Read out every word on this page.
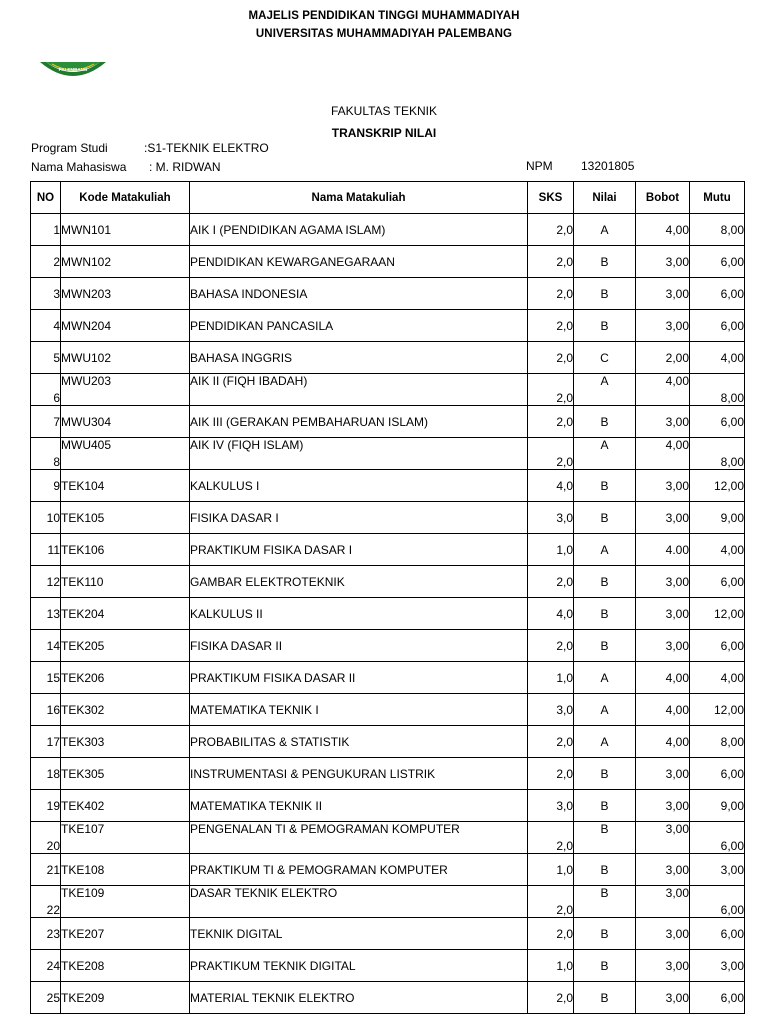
MAJELIS PENDIDIKAN TINGGI MUHAMMADIYAH
UNIVERSITAS MUHAMMADIYAH PALEMBANG
PALEMBANG
FAKULTAS TEKNIK
TRANSKRIP NILAI
Program Studi	:S1-TEKNIK ELEKTRO
Nama Mahasiswa : M. RIDWAN	NPM 13201805
NO	Kode Matakuliah	Nama Matakuliah	SKS	Nilai	Bobot	Mutu
1	MWN101	AIK I (PENDIDIKAN AGAMA ISLAM)	2,0	A	4,00	8,00
2	MWN102	PENDIDIKAN KEWARGANEGARAAN	2,0	B	3,00	6,00
3	MWN203	BAHASA INDONESIA	2,0	B	3,00	6,00
4	MWN204	PENDIDIKAN PANCASILA	2,0	B	3,00	6,00
5	MWU102	BAHASA INGGRIS	2,0	C	2,00	4,00
6	MWU203	AIK II (FIQH IBADAH)	2,0	A	4,00	8,00
7	MWU304	AIK III (GERAKAN PEMBAHARUAN ISLAM)	2,0	B	3,00	6,00
8	MWU405	AIK IV (FIQH ISLAM)	2,0	A	4,00	8,00
9	TEK104	KALKULUS I	4,0	B	3,00	12,00
10	TEK105	FISIKA DASAR I	3,0	B	3,00	9,00
11	TEK106	PRAKTIKUM FISIKA DASAR I	1,0	A	4.00	4,00
12	TEK110	GAMBAR ELEKTROTEKNIK	2,0	B	3,00	6,00
13	TEK204	KALKULUS II	4,0	B	3,00	12,00
14	TEK205	FISIKA DASAR II	2,0	B	3,00	6,00
15	TEK206	PRAKTIKUM FISIKA DASAR II	1,0	A	4,00	4,00
16	TEK302	MATEMATIKA TEKNIK I	3,0	A	4,00	12,00
17	TEK303	PROBABILITAS & STATISTIK	2,0	A	4,00	8,00
18	TEK305	INSTRUMENTASI & PENGUKURAN LISTRIK	2,0	B	3,00	6,00
19	TEK402	MATEMATIKA TEKNIK II	3,0	B	3,00	9,00
20	TKE107	PENGENALAN TI & PEMOGRAMAN KOMPUTER	2,0	B	3,00	6,00
21	TKE108	PRAKTIKUM TI & PEMOGRAMAN KOMPUTER	1,0	B	3,00	3,00
22	TKE109	DASAR TEKNIK ELEKTRO	2,0	B	3,00	6,00
23	TKE207	TEKNIK DIGITAL	2,0	B	3,00	6,00
24	TKE208	PRAKTIKUM TEKNIK DIGITAL	1,0	B	3,00	3,00
25	TKE209	MATERIAL TEKNIK ELEKTRO	2,0	B	3,00	6,00
